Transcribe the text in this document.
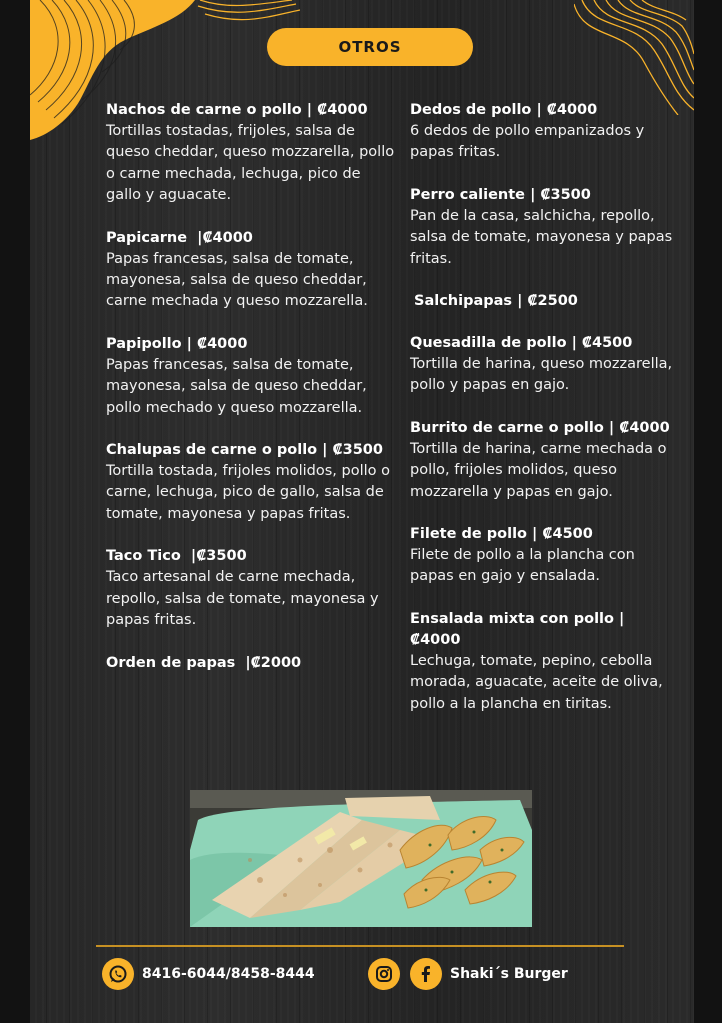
OTROS
Nachos de carne o pollo | ₡4000
Tortillas tostadas, frijoles, salsa de queso cheddar, queso mozzarella, pollo o carne mechada, lechuga, pico de gallo y aguacate.
Papicarne  |₡4000
Papas francesas, salsa de tomate, mayonesa, salsa de queso cheddar, carne mechada y queso mozzarella.
Papipollo | ₡4000
Papas francesas, salsa de tomate, mayonesa, salsa de queso cheddar, pollo mechado y queso mozzarella.
Chalupas de carne o pollo | ₡3500
Tortilla tostada, frijoles molidos, pollo o carne, lechuga, pico de gallo, salsa de tomate, mayonesa y papas fritas.
Taco Tico  |₡3500
Taco artesanal de carne mechada, repollo, salsa de tomate, mayonesa y papas fritas.
Orden de papas  |₡2000
Dedos de pollo | ₡4000
6 dedos de pollo empanizados y papas fritas.
Perro caliente | ₡3500
Pan de la casa, salchicha, repollo, salsa de tomate, mayonesa y papas fritas.
Salchipapas | ₡2500
Quesadilla de pollo | ₡4500
Tortilla de harina, queso mozzarella, pollo y papas en gajo.
Burrito de carne o pollo | ₡4000
Tortilla de harina, carne mechada o pollo, frijoles molidos, queso mozzarella y papas en gajo.
Filete de pollo | ₡4500
Filete de pollo a la plancha con papas en gajo y ensalada.
Ensalada mixta con pollo |
₡4000
Lechuga, tomate, pepino, cebolla morada, aguacate, aceite de oliva, pollo a la plancha en tiritas.
8416-6044/8458-8444	Shaki´s Burger
